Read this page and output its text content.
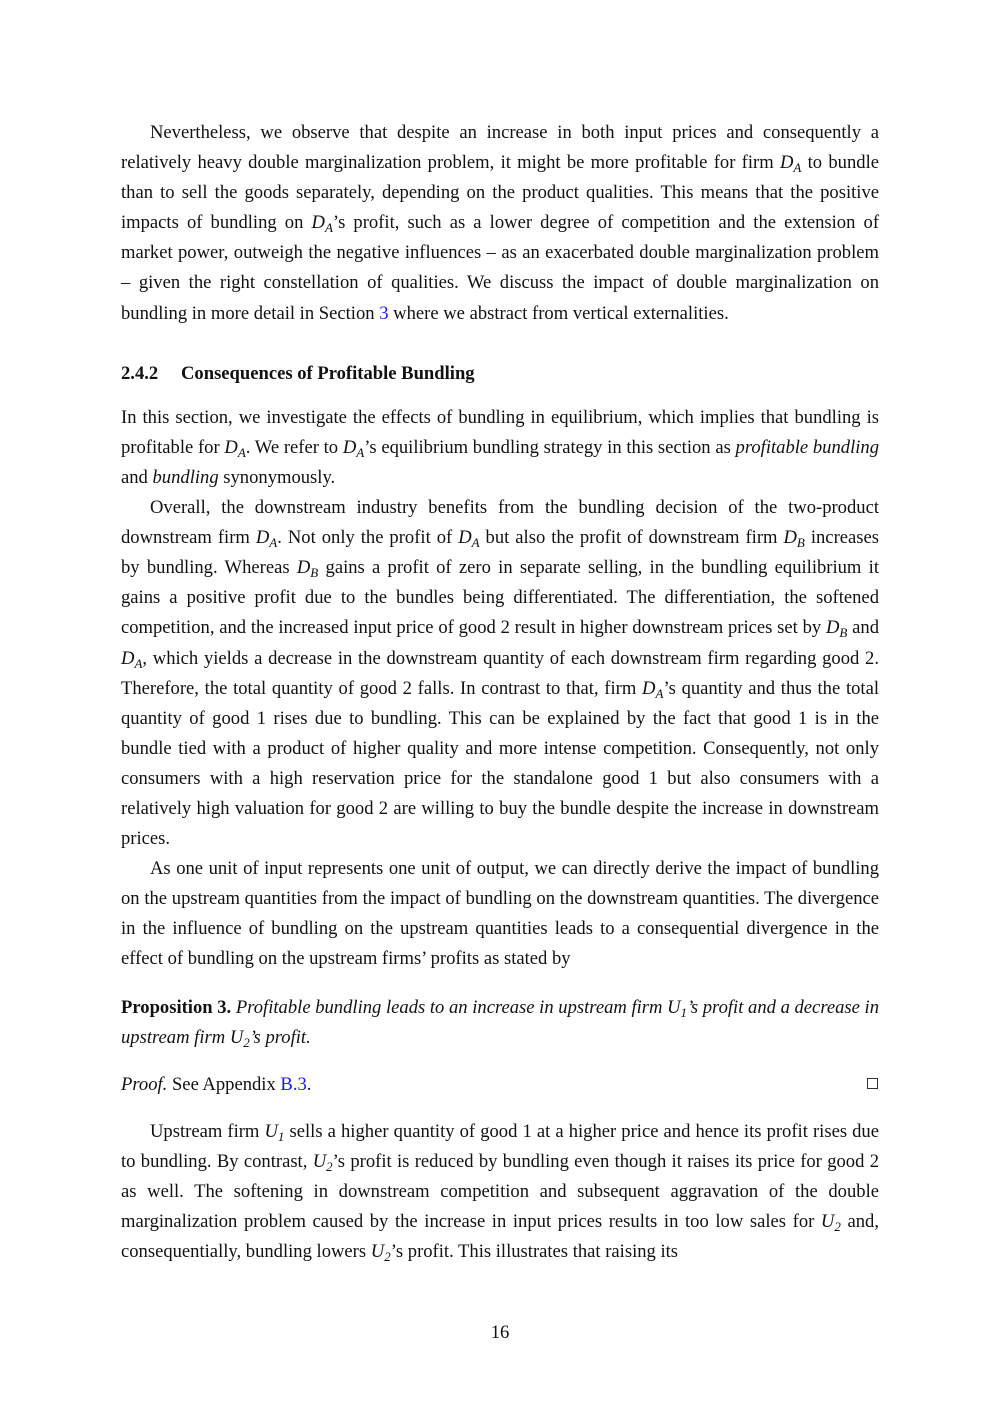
Nevertheless, we observe that despite an increase in both input prices and consequently a relatively heavy double marginalization problem, it might be more profitable for firm $D_A$ to bundle than to sell the goods separately, depending on the product qualities. This means that the positive impacts of bundling on $D_A’s$ profit, such as a lower degree of competition and the extension of market power, outweigh the negative influences – as an exacerbated double marginalization problem – given the right constellation of qualities. We discuss the impact of double marginalization on bundling in more detail in Section 3 where we abstract from vertical externalities.

2.4.2 Consequences of Profitable Bundling

In this section, we investigate the effects of bundling in equilibrium, which implies that bundling is profitable for $D_A$. We refer to $D_A’s$ equilibrium bundling strategy in this section as profitable bundling and bundling synonymously.

Overall, the downstream industry benefits from the bundling decision of the two-product downstream firm $D_A$. Not only the profit of $D_A$ but also the profit of downstream firm $D_B$ increases by bundling. Whereas $D_B$ gains a profit of zero in separate selling, in the bundling equilibrium it gains a positive profit due to the bundles being differentiated. The differentiation, the softened competition, and the increased input price of good 2 result in higher downstream prices set by $D_B$ and $D_A$, which yields a decrease in the downstream quantity of each downstream firm regarding good 2. Therefore, the total quantity of good 2 falls. In contrast to that, firm $D_A’s$ quantity and thus the total quantity of good 1 rises due to bundling. This can be explained by the fact that good 1 is in the bundle tied with a product of higher quality and more intense competition. Consequently, not only consumers with a high reservation price for the standalone good 1 but also consumers with a relatively high valuation for good 2 are willing to buy the bundle despite the increase in downstream prices.

As one unit of input represents one unit of output, we can directly derive the impact of bundling on the upstream quantities from the impact of bundling on the downstream quantities. The divergence in the influence of bundling on the upstream quantities leads to a consequential divergence in the effect of bundling on the upstream firms’ profits as stated by

Proposition 3. Profitable bundling leads to an increase in upstream firm $U_1’s$ profit and a decrease in upstream firm $U_2’s$ profit.

Proof. See Appendix B.3.

Upstream firm $U_1$ sells a higher quantity of good 1 at a higher price and hence its profit rises due to bundling. By contrast, $U_2’s$ profit is reduced by bundling even though it raises its price for good 2 as well. The softening in downstream competition and subsequent aggravation of the double marginalization problem caused by the increase in input prices results in too low sales for $U_2$ and, consequentially, bundling lowers $U_2’s$ profit. This illustrates that raising its

16
